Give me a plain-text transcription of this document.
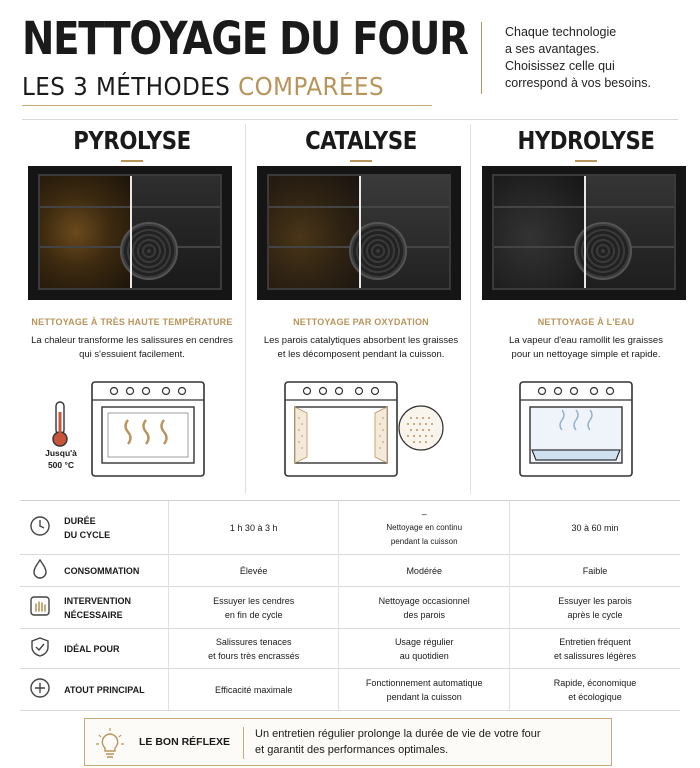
NETTOYAGE DU FOUR
LES 3 MÉTHODES COMPARÉES
Chaque technologie
a ses avantages.
Choisissez celle qui
correspond à vos besoins.
PYROLYSE
NETTOYAGE À TRÈS HAUTE TEMPÉRATURE
La chaleur transforme les salissures en cendres
qui s'essuient facilement.
Jusqu'à
500 °C
CATALYSE
NETTOYAGE PAR OXYDATION
Les parois catalytiques absorbent les graisses
et les décomposent pendant la cuisson.
HYDROLYSE
NETTOYAGE À L'EAU
La vapeur d'eau ramollit les graisses
pour un nettoyage simple et rapide.

DURÉE
DU CYCLE	1 h 30 à 3 h	–
Nettoyage en continu
pendant la cuisson	30 à 60 min

CONSOMMATION	Élevée	Modérée	Faible

INTERVENTION
NÉCESSAIRE	Essuyer les cendres
en fin de cycle	Nettoyage occasionnel
des parois	Essuyer les parois
après le cycle

IDÉAL POUR	Salissures tenaces
et fours très encrassés	Usage régulier
au quotidien	Entretien fréquent
et salissures légères

ATOUT PRINCIPAL	Efficacité maximale	Fonctionnement automatique
pendant la cuisson	Rapide, économique
et écologique
LE BON RÉFLEXE
Un entretien régulier prolonge la durée de vie de votre four
et garantit des performances optimales.
